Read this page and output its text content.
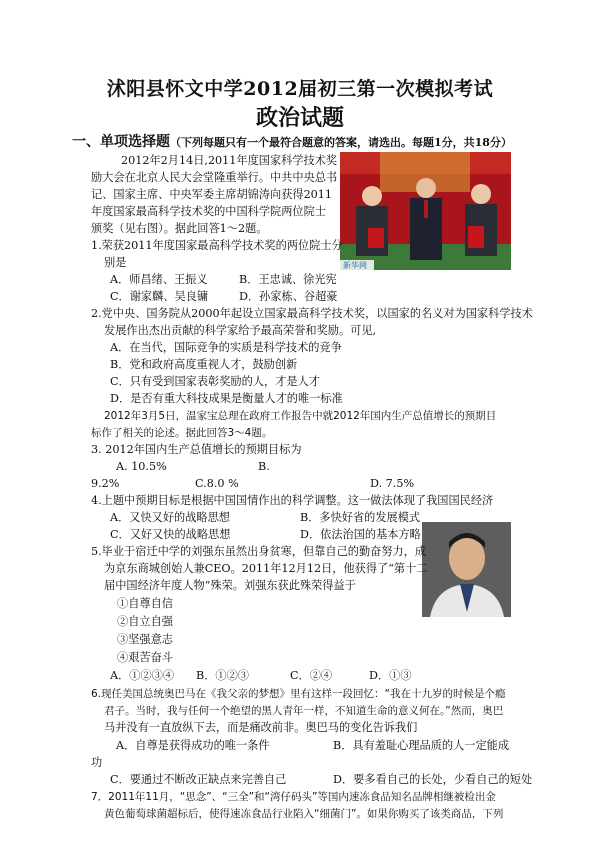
沭阳县怀文中学2012届初三第一次模拟考试
政治试题
一、单项选择题（下列每题只有一个最符合题意的答案，请选出。每题1分，共18分）
新华网
2012年2月14日,2011年度国家科学技术奖
励大会在北京人民大会堂隆重举行。中共中央总书
记、国家主席、中央军委主席胡锦涛向获得2011
年度国家最高科学技术奖的中国科学院两位院士
颁奖（见右图）。据此回答1～2题。
1.荣获2011年度国家最高科学技术奖的两位院士分
别是
A．师昌绪、王振义	B．王忠诚、徐光宪
C．谢家麟、吴良镛	D．孙家栋、谷超豪
2.党中央、国务院从2000年起设立国家最高科学技术奖，以国家的名义对为国家科学技术
发展作出杰出贡献的科学家给予最高荣誉和奖励。可见,
A．在当代，国际竞争的实质是科学技术的竞争
B．党和政府高度重视人才，鼓励创新
C．只有受到国家表彰奖励的人，才是人才
D．是否有重大科技成果是衡量人才的唯一标准
2012年3月5日，温家宝总理在政府工作报告中就2012年国内生产总值增长的预期目
标作了相关的论述。据此回答3～4题。
3. 2012年国内生产总值增长的预期目标为
A. 10.5%	B.
9.2%	C.8.0 %	D. 7.5%
4.上题中预期目标是根据中国国情作出的科学调整。这一做法体现了我国国民经济
A．又快又好的战略思想	B．多快好省的发展模式
C．又好又快的战略思想	D．依法治国的基本方略
5.毕业于宿迁中学的刘强东虽然出身贫寒，但靠自己的勤奋努力，成
为京东商城创始人兼CEO。2011年12月12日，他获得了“第十二
届中国经济年度人物”殊荣。刘强东获此殊荣得益于
①自尊自信
②自立自强
③坚强意志
④艰苦奋斗
A．①②③④ B．①②③	C．②④	D．①③
6.现任美国总统奥巴马在《我父亲的梦想》里有这样一段回忆：“我在十九岁的时候是个瘾
君子。当时，我与任何一个绝望的黑人青年一样，不知道生命的意义何在。”然而，奥巴
马并没有一直放纵下去，而是痛改前非。奥巴马的变化告诉我们
A．自尊是获得成功的唯一条件	B．具有羞耻心理品质的人一定能成
功
C．要通过不断改正缺点来完善自己	D．要多看自己的长处，少看自己的短处
7．2011年11月，“思念”、“三全”和“湾仔码头”等国内速冻食品知名品牌相继被检出金
黄色葡萄球菌超标后，使得速冻食品行业陷入“细菌门”。如果你购买了该类商品，下列
